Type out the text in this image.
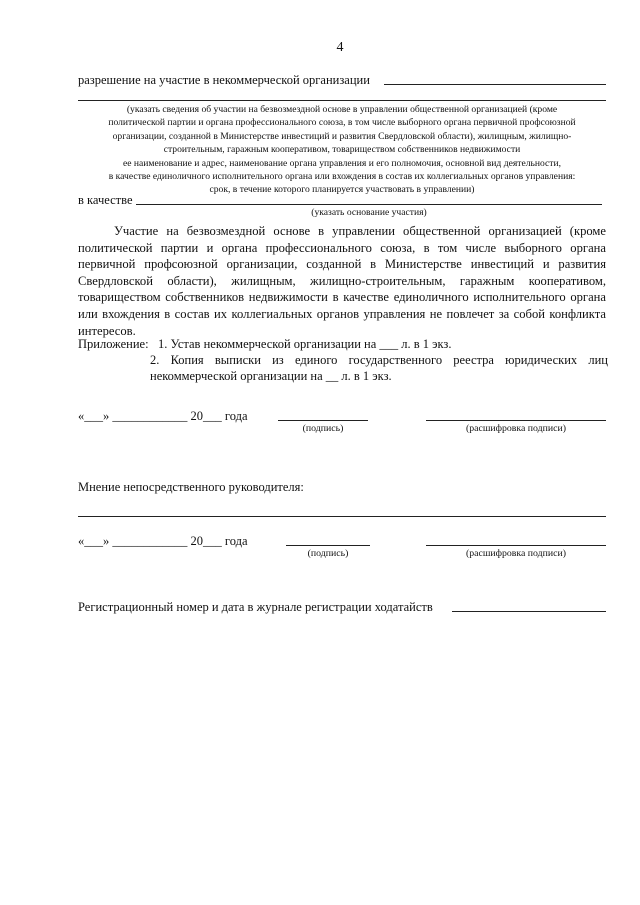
4
разрешение на участие в некоммерческой организации
(указать сведения об участии на безвозмездной основе в управлении общественной организацией (кроме
политической партии и органа профессионального союза, в том числе выборного органа первичной профсоюзной
организации, созданной в Министерстве инвестиций и развития Свердловской области), жилищным, жилищно-
строительным, гаражным кооперативом, товариществом собственников недвижимости
ее наименование и адрес, наименование органа управления и его полномочия, основной вид деятельности,
в качестве единоличного исполнительного органа или вхождения в состав их коллегиальных органов управления:
срок, в течение которого планируется участвовать в управлении)
в качестве
(указать основание участия)
Участие на безвозмездной основе в управлении общественной организацией (кроме политической партии и органа профессионального союза, в том числе выборного органа первичной профсоюзной организации, созданной в Министерстве инвестиций и развития Свердловской области), жилищным, жилищно-строительным, гаражным кооперативом, товариществом собственников недвижимости в качестве единоличного исполнительного органа или вхождения в состав их коллегиальных органов управления не повлечет за собой конфликта интересов.
Приложение: 1. Устав некоммерческой организации на ___ л. в 1 экз.
2. Копия выписки из единого государственного реестра юридических лиц некоммерческой организации на __ л. в 1 экз.
«___» ____________ 20___ года
(подпись)	(расшифровка подписи)
Мнение непосредственного руководителя:
«___» ____________ 20___ года
(подпись)	(расшифровка подписи)
Регистрационный номер и дата в журнале регистрации ходатайств
